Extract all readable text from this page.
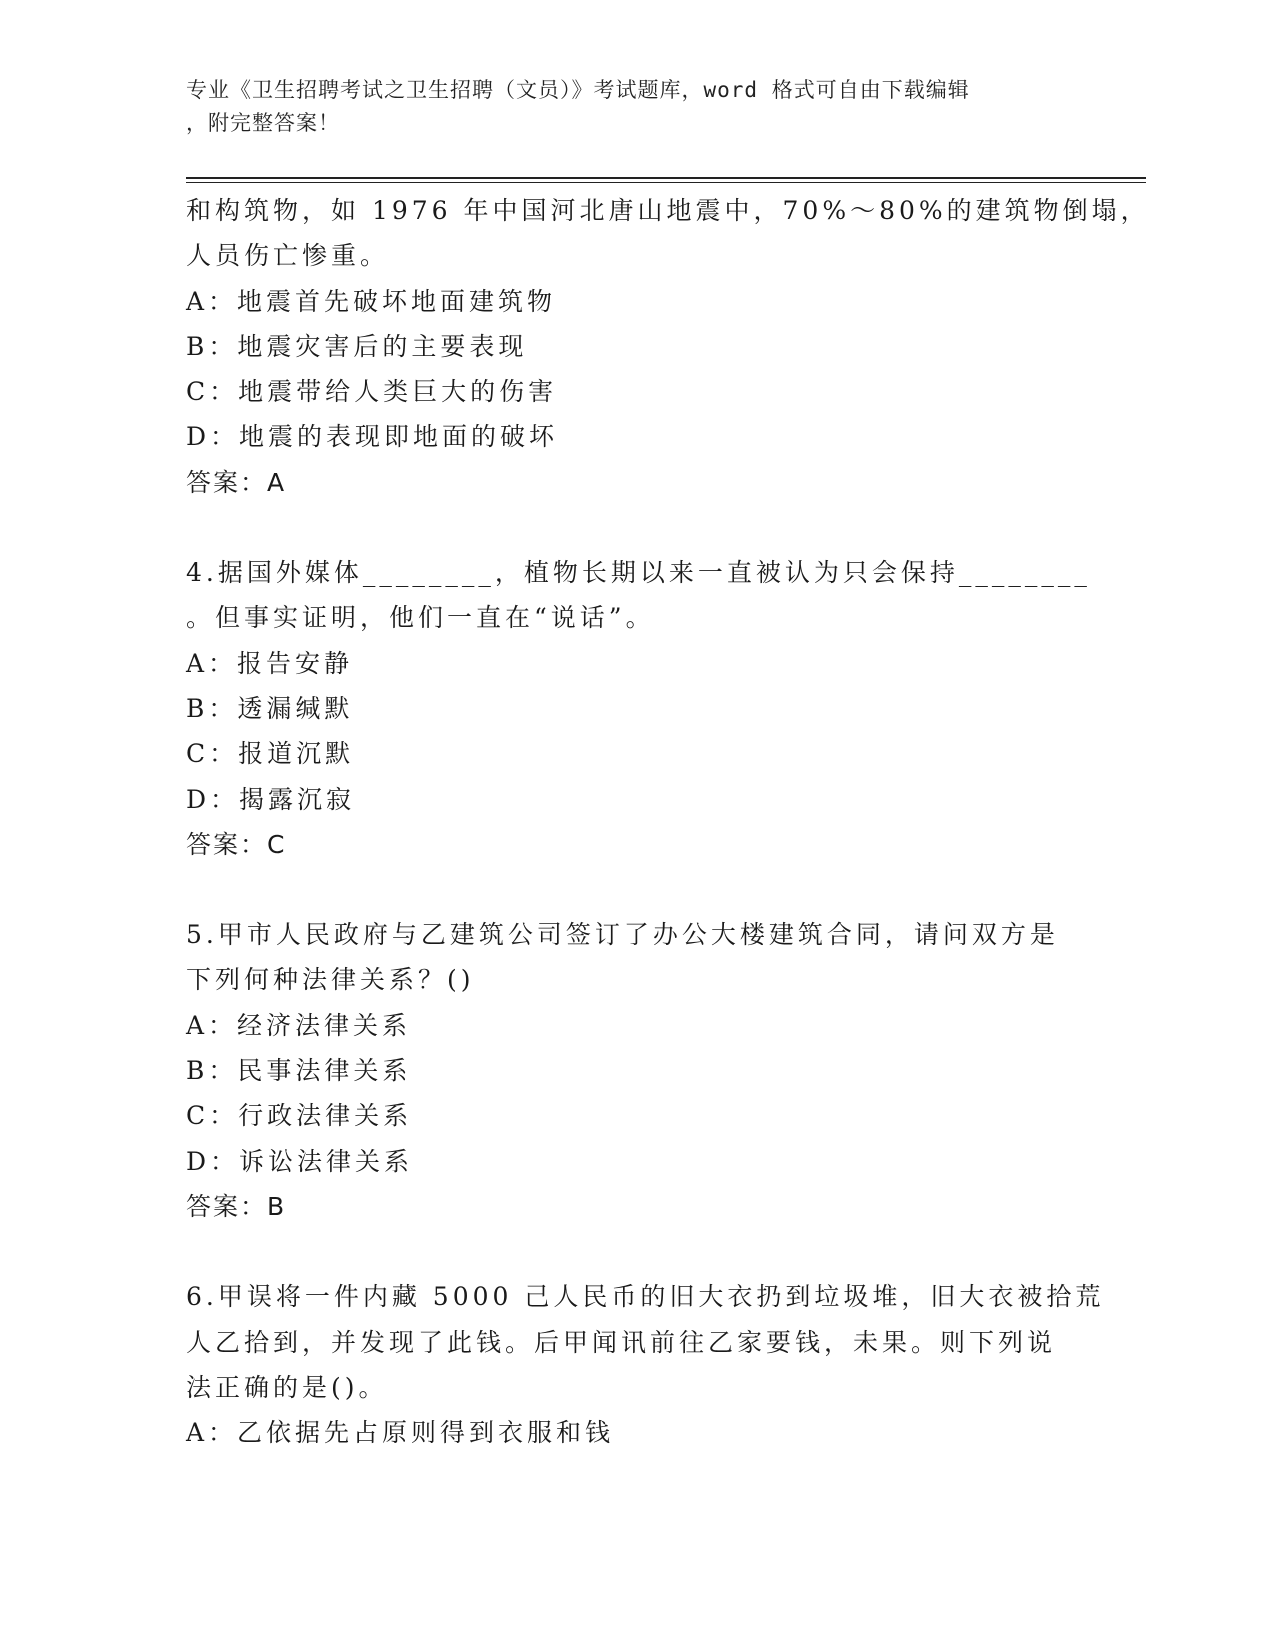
专业《卫生招聘考试之卫生招聘（文员）》考试题库，word 格式可自由下载编辑
，附完整答案！
和构筑物，如 1976 年中国河北唐山地震中，70%～80%的建筑物倒塌，
人员伤亡惨重。
A：地震首先破坏地面建筑物
B：地震灾害后的主要表现
C：地震带给人类巨大的伤害
D：地震的表现即地面的破坏
答案：A
4.据国外媒体________，植物长期以来一直被认为只会保持________
。但事实证明，他们一直在“说话”。
A：报告安静
B：透漏缄默
C：报道沉默
D：揭露沉寂
答案：C
5.甲市人民政府与乙建筑公司签订了办公大楼建筑合同，请问双方是
下列何种法律关系？()
A：经济法律关系
B：民事法律关系
C：行政法律关系
D：诉讼法律关系
答案：B
6.甲误将一件内藏 5000 己人民币的旧大衣扔到垃圾堆，旧大衣被拾荒
人乙拾到，并发现了此钱。后甲闻讯前往乙家要钱，未果。则下列说
法正确的是()。
A：乙依据先占原则得到衣服和钱
